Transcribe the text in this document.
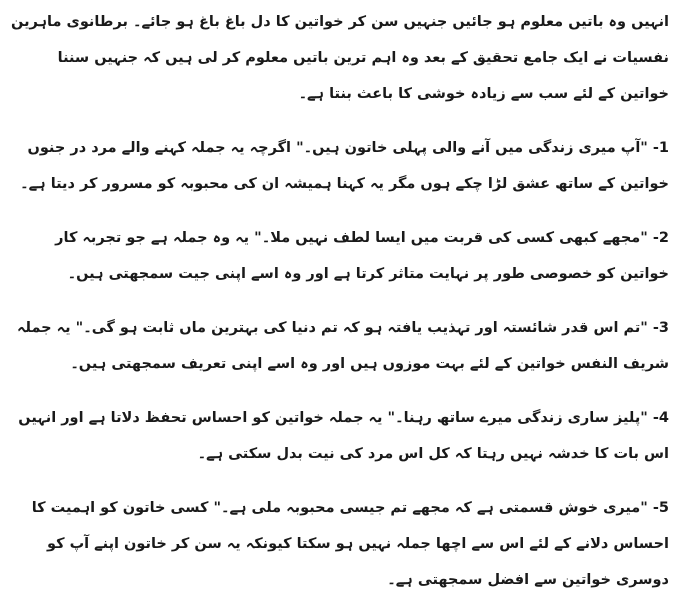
انہیں وہ باتیں معلوم ہو جائیں جنہیں سن کر خواتین کا دل باغ باغ ہو جائے۔ برطانوی ماہرین نفسیات نے ایک جامع تحقیق کے بعد وہ اہم ترین باتیں معلوم کر لی ہیں کہ جنہیں سننا خواتین کے لئے سب سے زیادہ خوشی کا باعث بنتا ہے۔

1- "آپ میری زندگی میں آنے والی پہلی خاتون ہیں۔" اگرچہ یہ جملہ کہنے والے مرد در جنوں خواتین کے ساتھ عشق لڑا چکے ہوں مگر یہ کہنا ہمیشہ ان کی محبوبہ کو مسرور کر دیتا ہے۔

2- "مجھے کبھی کسی کی قربت میں ایسا لطف نہیں ملا۔" یہ وہ جملہ ہے جو تجربہ کار خواتین کو خصوصی طور پر نہایت متاثر کرتا ہے اور وہ اسے اپنی جیت سمجھتی ہیں۔

3- "تم اس قدر شائستہ اور تہذیب یافتہ ہو کہ تم دنیا کی بہترین ماں ثابت ہو گی۔" یہ جملہ شریف النفس خواتین کے لئے بہت موزوں ہیں اور وہ اسے اپنی تعریف سمجھتی ہیں۔

4- "پلیز ساری زندگی میرے ساتھ رہنا۔" یہ جملہ خواتین کو احساس تحفظ دلاتا ہے اور انہیں اس بات کا خدشہ نہیں رہتا کہ کل اس مرد کی نیت بدل سکتی ہے۔

5- "میری خوش قسمتی ہے کہ مجھے تم جیسی محبوبہ ملی ہے۔" کسی خاتون کو اہمیت کا احساس دلانے کے لئے اس سے اچھا جملہ نہیں ہو سکتا کیونکہ یہ سن کر خاتون اپنے آپ کو دوسری خواتین سے افضل سمجھتی ہے۔
